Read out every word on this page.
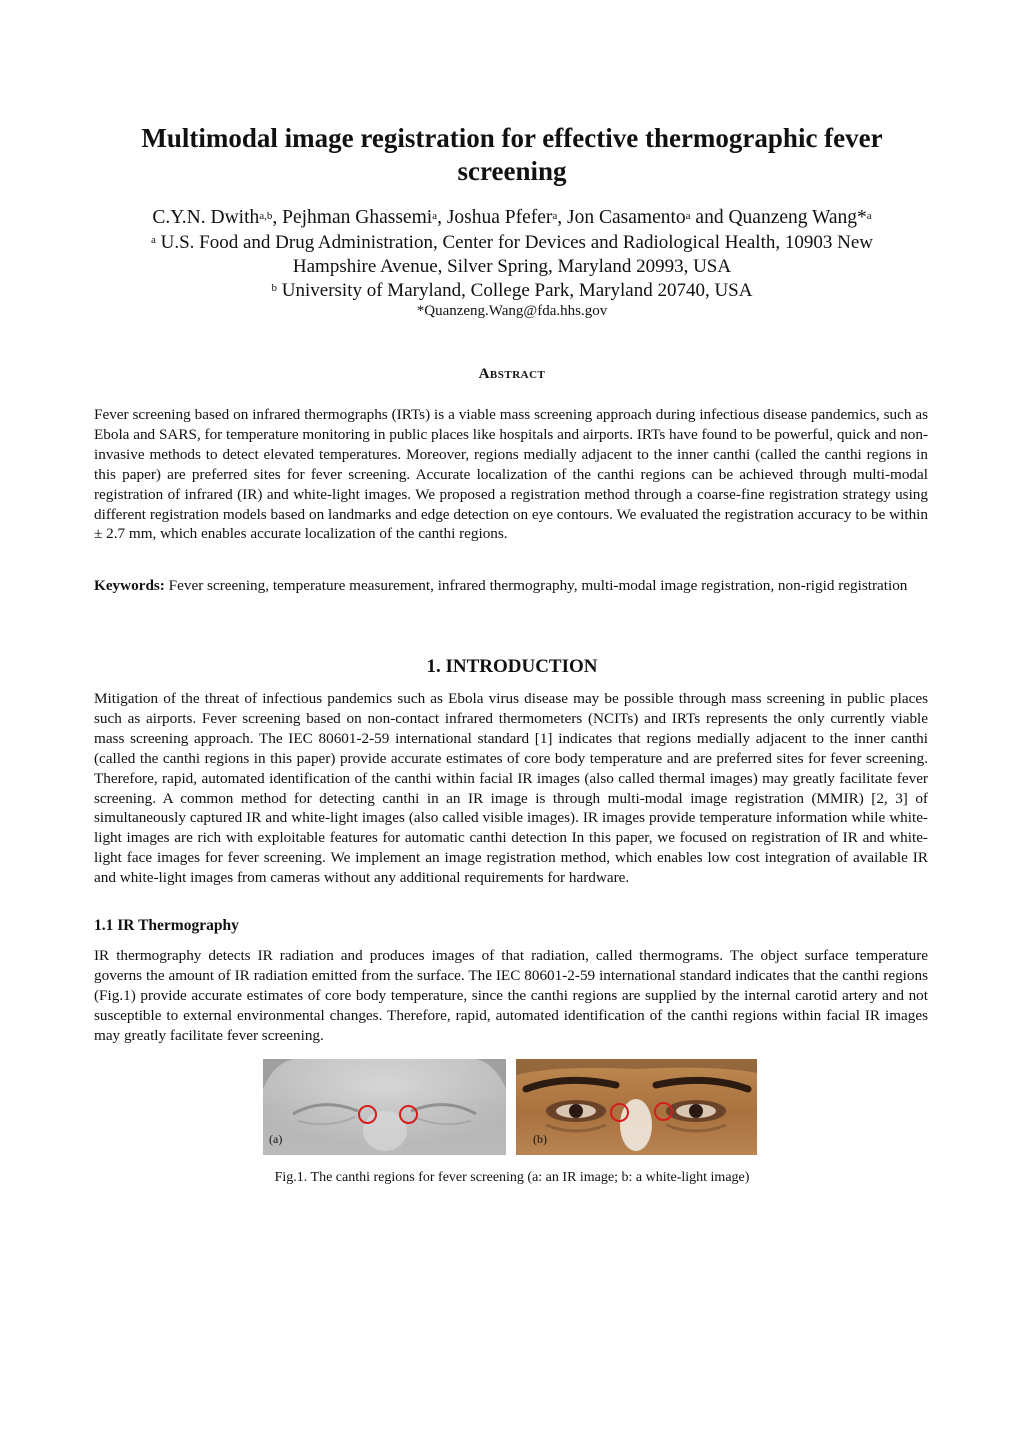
Multimodal image registration for effective thermographic fever
screening
C.Y.N. Dwith$^{a,b}$, Pejhman Ghassemi$^a$, Joshua Pfefer$^a$, Jon Casamento$^a$ and Quanzeng Wang*$^a$
$^a$ U.S. Food and Drug Administration, Center for Devices and Radiological Health, 10903 New
Hampshire Avenue, Silver Spring, Maryland 20993, USA
$^b$ University of Maryland, College Park, Maryland 20740, USA
*Quanzeng.Wang@fda.hhs.gov
Abstract

Fever screening based on infrared thermographs (IRTs) is a viable mass screening approach during infectious disease pandemics, such as Ebola and SARS, for temperature monitoring in public places like hospitals and airports. IRTs have found to be powerful, quick and non-invasive methods to detect elevated temperatures. Moreover, regions medially adjacent to the inner canthi (called the canthi regions in this paper) are preferred sites for fever screening. Accurate localization of the canthi regions can be achieved through multi-modal registration of infrared (IR) and white-light images. We proposed a registration method through a coarse-fine registration strategy using different registration models based on landmarks and edge detection on eye contours. We evaluated the registration accuracy to be within ± 2.7 mm, which enables accurate localization of the canthi regions.

Keywords: Fever screening, temperature measurement, infrared thermography, multi-modal image registration, non-rigid registration

1. INTRODUCTION

Mitigation of the threat of infectious pandemics such as Ebola virus disease may be possible through mass screening in public places such as airports. Fever screening based on non-contact infrared thermometers (NCITs) and IRTs represents the only currently viable mass screening approach. The IEC 80601-2-59 international standard [1] indicates that regions medially adjacent to the inner canthi (called the canthi regions in this paper) provide accurate estimates of core body temperature and are preferred sites for fever screening. Therefore, rapid, automated identification of the canthi within facial IR images (also called thermal images) may greatly facilitate fever screening. A common method for detecting canthi in an IR image is through multi-modal image registration (MMIR) [2, 3] of simultaneously captured IR and white-light images (also called visible images). IR images provide temperature information while white-light images are rich with exploitable features for automatic canthi detection In this paper, we focused on registration of IR and white-light face images for fever screening. We implement an image registration method, which enables low cost integration of available IR and white-light images from cameras without any additional requirements for hardware.

1.1 IR Thermography

IR thermography detects IR radiation and produces images of that radiation, called thermograms. The object surface temperature governs the amount of IR radiation emitted from the surface. The IEC 80601-2-59 international standard indicates that the canthi regions (Fig.1) provide accurate estimates of core body temperature, since the canthi regions are supplied by the internal carotid artery and not susceptible to external environmental changes. Therefore, rapid, automated identification of the canthi regions within facial IR images may greatly facilitate fever screening.

(a)	(b)
Fig.1. The canthi regions for fever screening (a: an IR image; b: a white-light image)
